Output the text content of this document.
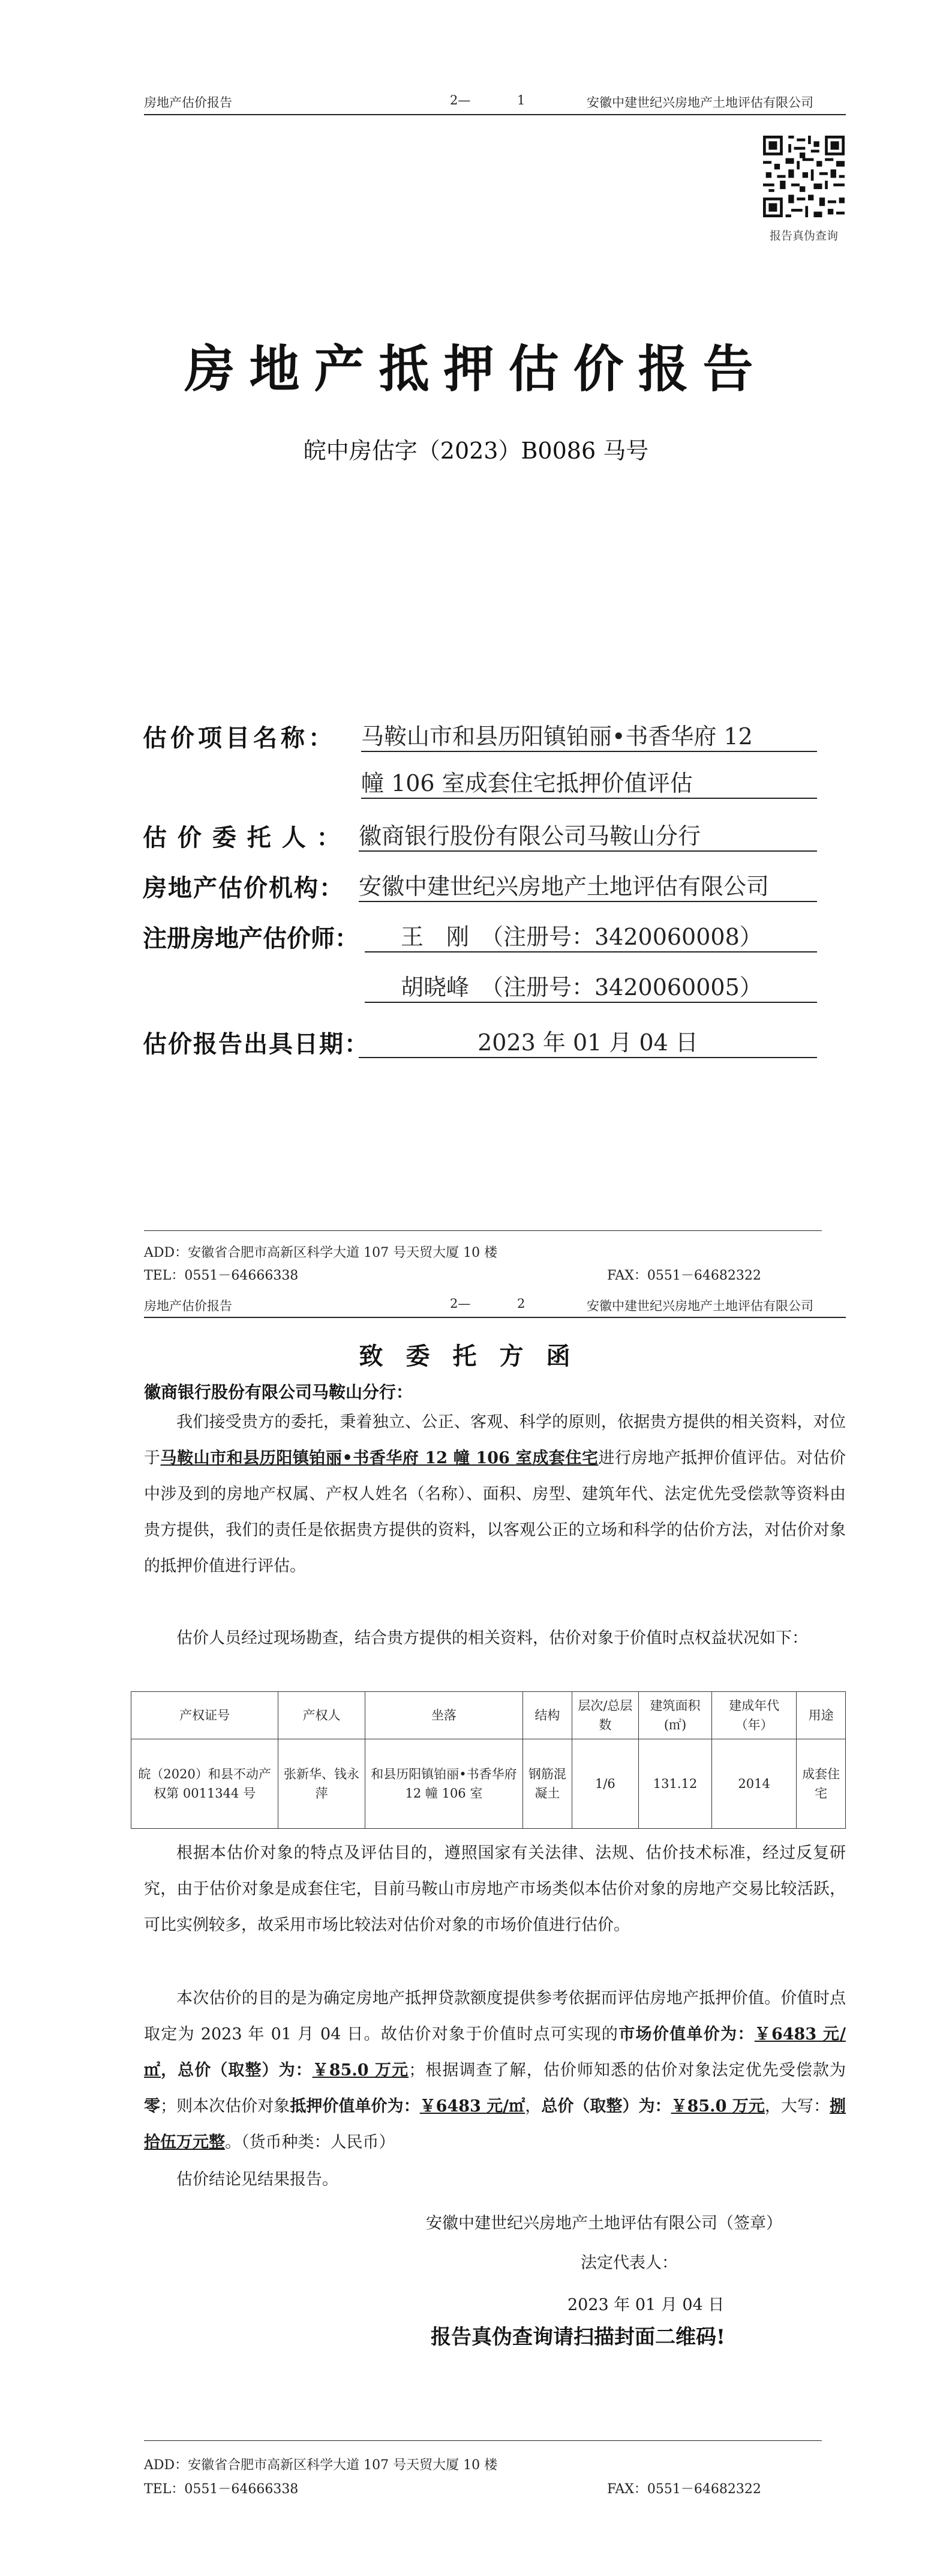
房地产估价报告	2—	1	安徽中建世纪兴房地产土地评估有限公司
报告真伪查询
房地产抵押估价报告
皖中房估字（2023）B0086 马号
估价项目名称： 马鞍山市和县历阳镇铂丽•书香华府 12
幢 106 室成套住宅抵押价值评估
估 价 委 托 人 ： 徽商银行股份有限公司马鞍山分行
房地产估价机构： 安徽中建世纪兴房地产土地评估有限公司
注册房地产估价师：	王　刚　（注册号：3420060008）
胡晓峰　（注册号：3420060005）
估价报告出具日期：	2023 年 01 月 04 日
ADD：安徽省合肥市高新区科学大道 107 号天贸大厦 10 楼
TEL：0551－64666338	FAX：0551－64682322
房地产估价报告	2—	2	安徽中建世纪兴房地产土地评估有限公司
致委托方函
徽商银行股份有限公司马鞍山分行：
我们接受贵方的委托，秉着独立、公正、客观、科学的原则，依据贵方提供的相关资料，对位于马鞍山市和县历阳镇铂丽•书香华府 12 幢 106 室成套住宅进行房地产抵押价值评估。对估价中涉及到的房地产权属、产权人姓名（名称）、面积、房型、建筑年代、法定优先受偿款等资料由贵方提供，我们的责任是依据贵方提供的资料，以客观公正的立场和科学的估价方法，对估价对象的抵押价值进行评估。
估价人员经过现场勘查，结合贵方提供的相关资料，估价对象于价值时点权益状况如下：
产权证号	产权人	坐落	结构	层次/总层数	建筑面积(㎡)	建成年代（年）	用途
皖（2020）和县不动产权第 0011344 号	张新华、钱永萍	和县历阳镇铂丽•书香华府 12 幢 106 室	钢筋混凝土	1/6	131.12	2014	成套住宅
根据本估价对象的特点及评估目的，遵照国家有关法律、法规、估价技术标准，经过反复研究，由于估价对象是成套住宅，目前马鞍山市房地产市场类似本估价对象的房地产交易比较活跃，可比实例较多，故采用市场比较法对估价对象的市场价值进行估价。
本次估价的目的是为确定房地产抵押贷款额度提供参考依据而评估房地产抵押价值。价值时点取定为 2023 年 01 月 04 日。故估价对象于价值时点可实现的市场价值单价为：￥6483 元/㎡，总价（取整）为：￥85.0 万元；根据调查了解，估价师知悉的估价对象法定优先受偿款为零；则本次估价对象抵押价值单价为：￥6483 元/㎡，总价（取整）为：￥85.0 万元，大写：捌拾伍万元整。（货币种类：人民币）
估价结论见结果报告。
安徽中建世纪兴房地产土地评估有限公司（签章）
法定代表人：
2023 年 01 月 04 日
报告真伪查询请扫描封面二维码!
ADD：安徽省合肥市高新区科学大道 107 号天贸大厦 10 楼
TEL：0551－64666338	FAX：0551－64682322
